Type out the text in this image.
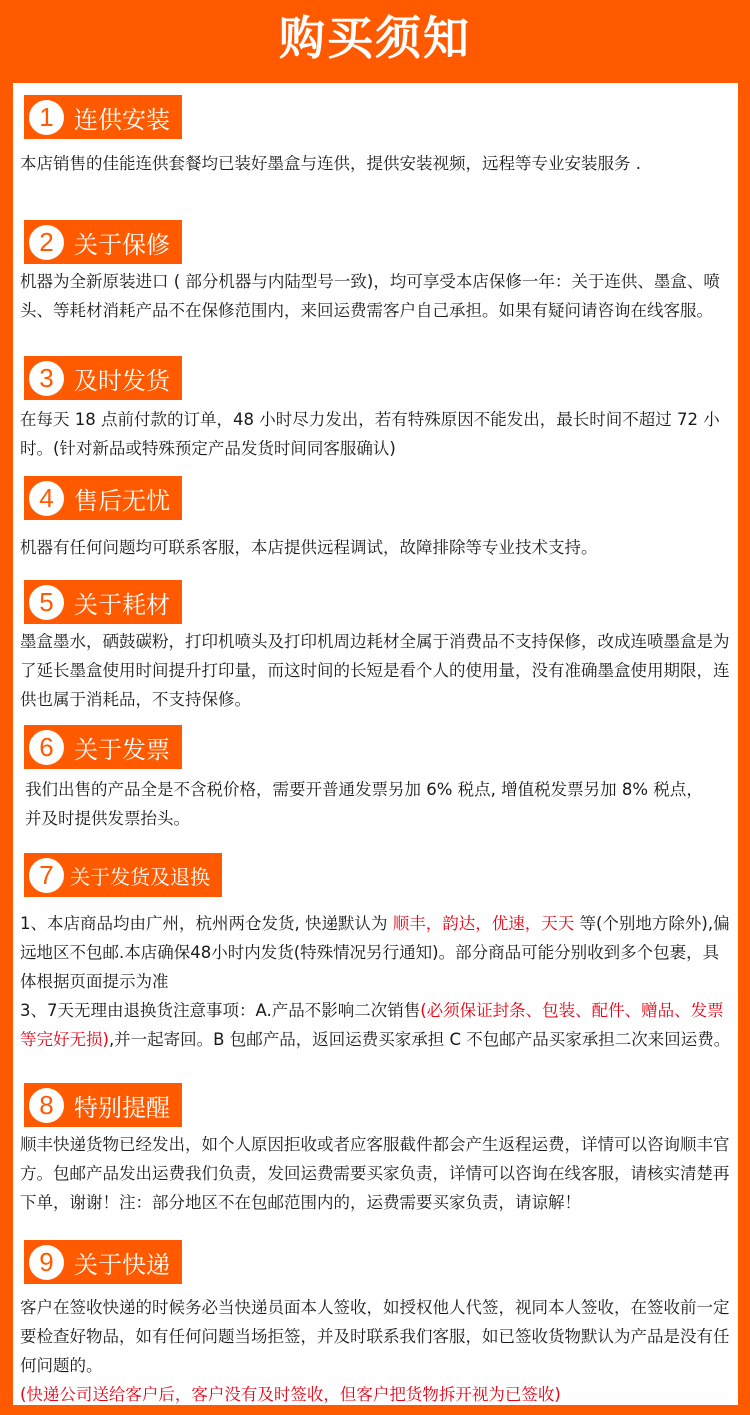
购买须知
1 连供安装

本店销售的佳能连供套餐均已装好墨盒与连供，提供安装视频，远程等专业安装服务 .

2 关于保修

机器为全新原装进口 ( 部分机器与内陆型号一致)，均可享受本店保修一年：关于连供、墨盒、喷头、等耗材消耗产品不在保修范围内，来回运费需客户自己承担。如果有疑问请咨询在线客服。

3 及时发货

在每天 18 点前付款的订单，48 小时尽力发出，若有特殊原因不能发出，最长时间不超过 72 小时。(针对新品或特殊预定产品发货时间同客服确认)

4 售后无忧

机器有任何问题均可联系客服，本店提供远程调试，故障排除等专业技术支持。

5 关于耗材

墨盒墨水，硒鼓碳粉，打印机喷头及打印机周边耗材全属于消费品不支持保修，改成连喷墨盒是为了延长墨盒使用时间提升打印量，而这时间的长短是看个人的使用量，没有准确墨盒使用期限，连供也属于消耗品，不支持保修。

6 关于发票

我们出售的产品全是不含税价格，需要开普通发票另加 6% 税点, 增值税发票另加 8% 税点，并及时提供发票抬头。

7 关于发货及退换

1、本店商品均由广州，杭州两仓发货, 快递默认为 顺丰，韵达，优速，天天 等(个别地方除外),偏远地区不包邮.本店确保48小时内发货(特殊情况另行通知)。部分商品可能分别收到多个包裹，具体根据页面提示为准

3、7天无理由退换货注意事项：A.产品不影响二次销售(必须保证封条、包装、配件、赠品、发票等完好无损),并一起寄回。B 包邮产品，返回运费买家承担 C 不包邮产品买家承担二次来回运费。

8 特别提醒

顺丰快递货物已经发出，如个人原因拒收或者应客服截件都会产生返程运费，详情可以咨询顺丰官方。包邮产品发出运费我们负责，发回运费需要买家负责，详情可以咨询在线客服，请核实清楚再下单，谢谢！注：部分地区不在包邮范围内的，运费需要买家负责，请谅解！

9 关于快递

客户在签收快递的时候务必当快递员面本人签收，如授权他人代签，视同本人签收，在签收前一定要检查好物品，如有任何问题当场拒签，并及时联系我们客服，如已签收货物默认为产品是没有任何问题的。

(快递公司送给客户后，客户没有及时签收，但客户把货物拆开视为已签收)
